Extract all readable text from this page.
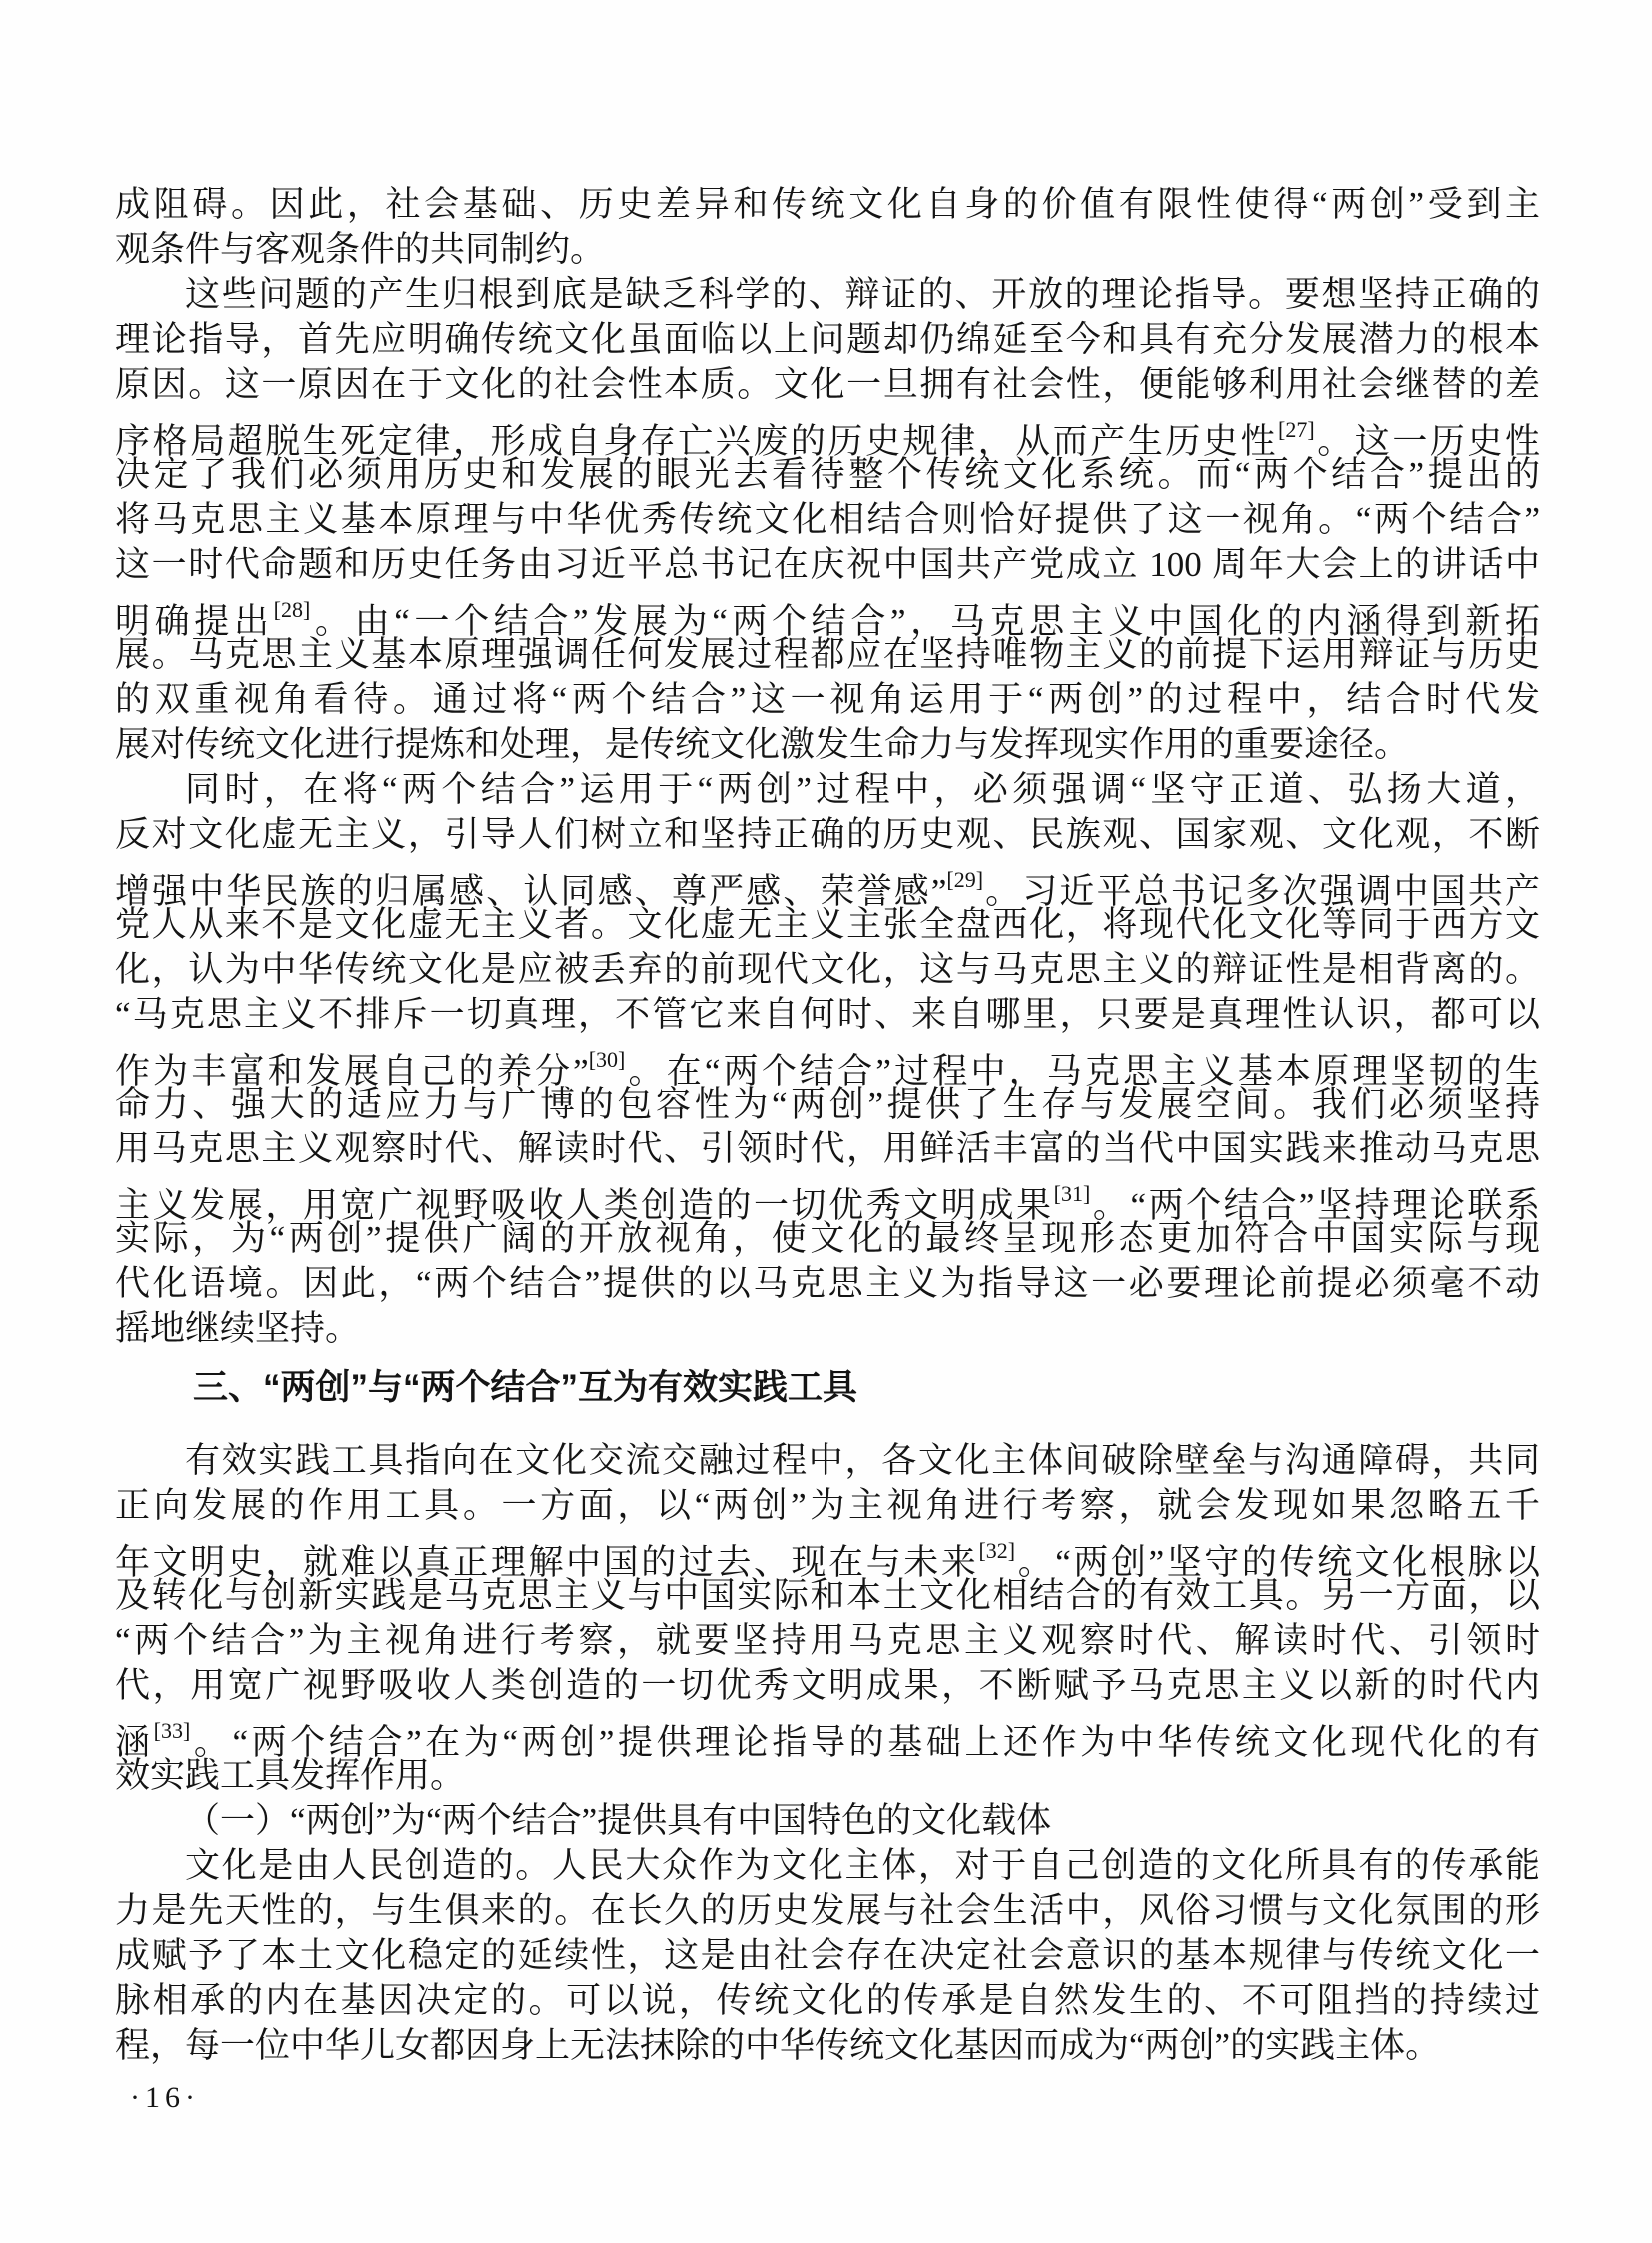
成阻碍。因此，社会基础、历史差异和传统文化自身的价值有限性使得“两创”受到主
观条件与客观条件的共同制约。
这些问题的产生归根到底是缺乏科学的、辩证的、开放的理论指导。要想坚持正确的
理论指导，首先应明确传统文化虽面临以上问题却仍绵延至今和具有充分发展潜力的根本
原因。这一原因在于文化的社会性本质。文化一旦拥有社会性，便能够利用社会继替的差
序格局超脱生死定律，形成自身存亡兴废的历史规律，从而产生历史性[27]。这一历史性
决定了我们必须用历史和发展的眼光去看待整个传统文化系统。而“两个结合”提出的
将马克思主义基本原理与中华优秀传统文化相结合则恰好提供了这一视角。“两个结合”
这一时代命题和历史任务由习近平总书记在庆祝中国共产党成立 100 周年大会上的讲话中
明确提出[28]。由“一个结合”发展为“两个结合”，马克思主义中国化的内涵得到新拓
展。马克思主义基本原理强调任何发展过程都应在坚持唯物主义的前提下运用辩证与历史
的双重视角看待。通过将“两个结合”这一视角运用于“两创”的过程中，结合时代发
展对传统文化进行提炼和处理，是传统文化激发生命力与发挥现实作用的重要途径。
同时，在将“两个结合”运用于“两创”过程中，必须强调“坚守正道、弘扬大道，
反对文化虚无主义，引导人们树立和坚持正确的历史观、民族观、国家观、文化观，不断
增强中华民族的归属感、认同感、尊严感、荣誉感”[29]。习近平总书记多次强调中国共产
党人从来不是文化虚无主义者。文化虚无主义主张全盘西化，将现代化文化等同于西方文
化，认为中华传统文化是应被丢弃的前现代文化，这与马克思主义的辩证性是相背离的。
“马克思主义不排斥一切真理，不管它来自何时、来自哪里，只要是真理性认识，都可以
作为丰富和发展自己的养分”[30]。在“两个结合”过程中，马克思主义基本原理坚韧的生
命力、强大的适应力与广博的包容性为“两创”提供了生存与发展空间。我们必须坚持
用马克思主义观察时代、解读时代、引领时代，用鲜活丰富的当代中国实践来推动马克思
主义发展，用宽广视野吸收人类创造的一切优秀文明成果[31]。“两个结合”坚持理论联系
实际，为“两创”提供广阔的开放视角，使文化的最终呈现形态更加符合中国实际与现
代化语境。因此，“两个结合”提供的以马克思主义为指导这一必要理论前提必须毫不动
摇地继续坚持。
三、“两创”与“两个结合”互为有效实践工具
有效实践工具指向在文化交流交融过程中，各文化主体间破除壁垒与沟通障碍，共同
正向发展的作用工具。一方面，以“两创”为主视角进行考察，就会发现如果忽略五千
年文明史，就难以真正理解中国的过去、现在与未来[32]。“两创”坚守的传统文化根脉以
及转化与创新实践是马克思主义与中国实际和本土文化相结合的有效工具。另一方面，以
“两个结合”为主视角进行考察，就要坚持用马克思主义观察时代、解读时代、引领时
代，用宽广视野吸收人类创造的一切优秀文明成果，不断赋予马克思主义以新的时代内
涵[33]。“两个结合”在为“两创”提供理论指导的基础上还作为中华传统文化现代化的有
效实践工具发挥作用。
（一）“两创”为“两个结合”提供具有中国特色的文化载体
文化是由人民创造的。人民大众作为文化主体，对于自己创造的文化所具有的传承能
力是先天性的，与生俱来的。在长久的历史发展与社会生活中，风俗习惯与文化氛围的形
成赋予了本土文化稳定的延续性，这是由社会存在决定社会意识的基本规律与传统文化一
脉相承的内在基因决定的。可以说，传统文化的传承是自然发生的、不可阻挡的持续过
程，每一位中华儿女都因身上无法抹除的中华传统文化基因而成为“两创”的实践主体。
·16·
